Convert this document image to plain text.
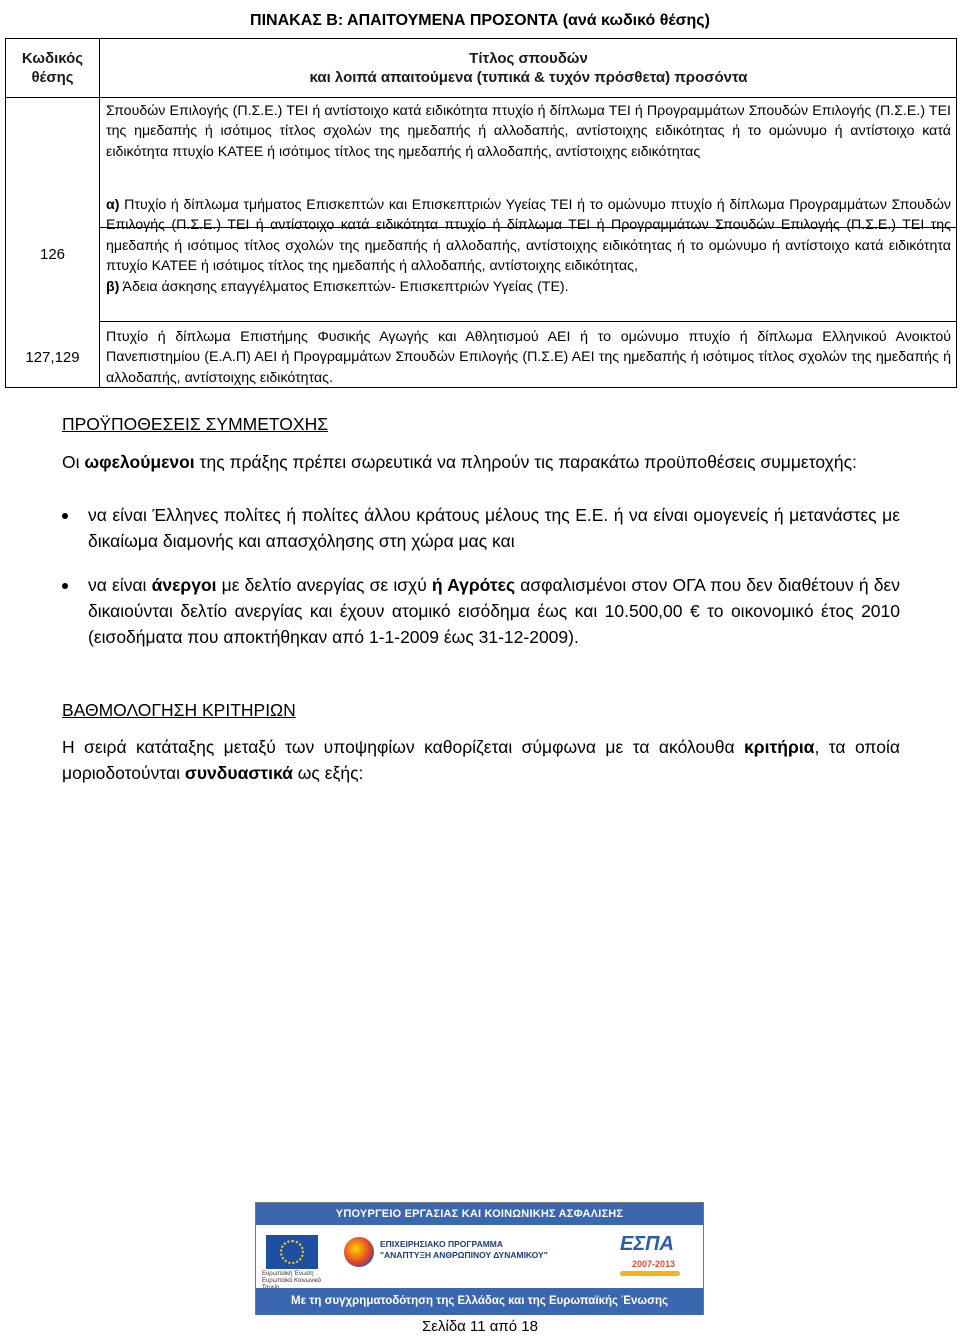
ΠΙΝΑΚΑΣ Β: ΑΠΑΙΤΟΥΜΕΝΑ ΠΡΟΣΟΝΤΑ (ανά κωδικό θέσης)
Κωδικός
θέσης
Τίτλος σπουδών
και λοιπά απαιτούμενα (τυπικά & τυχόν πρόσθετα) προσόντα

Σπουδών Επιλογής (Π.Σ.Ε.) ΤΕΙ ή αντίστοιχο κατά ειδικότητα πτυχίο ή δίπλωμα ΤΕΙ ή Προγραμμάτων Σπουδών Επιλογής (Π.Σ.Ε.) ΤΕΙ της ημεδαπής ή ισότιμος τίτλος σχολών της ημεδαπής ή αλλοδαπής, αντίστοιχης ειδικότητας ή το ομώνυμο ή αντίστοιχο κατά ειδικότητα πτυχίο ΚΑΤΕΕ ή ισότιμος τίτλος της ημεδαπής ή αλλοδαπής, αντίστοιχης ειδικότητας

126

α) Πτυχίο ή δίπλωμα τμήματος Επισκεπτών και Επισκεπτριών Υγείας ΤΕΙ ή το ομώνυμο πτυχίο ή δίπλωμα Προγραμμάτων Σπουδών Επιλογής (Π.Σ.Ε.) ΤΕΙ ή αντίστοιχο κατά ειδικότητα πτυχίο ή δίπλωμα ΤΕΙ ή Προγραμμάτων Σπουδών Επιλογής (Π.Σ.Ε.) ΤΕΙ της ημεδαπής ή ισότιμος τίτλος σχολών της ημεδαπής ή αλλοδαπής, αντίστοιχης ειδικότητας ή το ομώνυμο ή αντίστοιχο κατά ειδικότητα πτυχίο ΚΑΤΕΕ ή ισότιμος τίτλος της ημεδαπής ή αλλοδαπής, αντίστοιχης ειδικότητας,

β) Άδεια άσκησης επαγγέλματος Επισκεπτών- Επισκεπτριών Υγείας (ΤΕ).

127,129

Πτυχίο ή δίπλωμα Επιστήμης Φυσικής Αγωγής και Αθλητισμού ΑΕΙ ή το ομώνυμο πτυχίο ή δίπλωμα Ελληνικού Ανοικτού Πανεπιστημίου (Ε.Α.Π) ΑΕΙ ή Προγραμμάτων Σπουδών Επιλογής (Π.Σ.Ε) ΑΕΙ της ημεδαπής ή ισότιμος τίτλος σχολών της ημεδαπής ή αλλοδαπής, αντίστοιχης ειδικότητας.

ΠΡΟΫΠΟΘΕΣΕΙΣ ΣΥΜΜΕΤΟΧΗΣ

Οι ωφελούμενοι της πράξης πρέπει σωρευτικά να πληρούν τις παρακάτω προϋποθέσεις συμμετοχής:

να είναι Έλληνες πολίτες ή πολίτες άλλου κράτους μέλους της Ε.Ε. ή να είναι ομογενείς ή μετανάστες με δικαίωμα διαμονής και απασχόλησης στη χώρα μας και
να είναι άνεργοι με δελτίο ανεργίας σε ισχύ ή Αγρότες ασφαλισμένοι στον ΟΓΑ που δεν διαθέτουν ή δεν δικαιούνται δελτίο ανεργίας και έχουν ατομικό εισόδημα έως και 10.500,00 € το οικονομικό έτος 2010 (εισοδήματα που αποκτήθηκαν από 1-1-2009 έως 31-12-2009).
ΒΑΘΜΟΛΟΓΗΣΗ ΚΡΙΤΗΡΙΩΝ

Η σειρά κατάταξης μεταξύ των υποψηφίων καθορίζεται σύμφωνα με τα ακόλουθα κριτήρια, τα οποία μοριοδοτούνται συνδυαστικά ως εξής:

ΥΠΟΥΡΓΕΙΟ ΕΡΓΑΣΙΑΣ ΚΑΙ ΚΟΙΝΩΝΙΚΗΣ ΑΣΦΑΛΙΣΗΣ
Ευρωπαϊκή Ένωση Ευρωπαϊκό Κοινωνικό
ΕΠΙΧΕΙΡΗΣΙΑΚΟ ΠΡΟΓΡΑΜΜΑ
"ΑΝΑΠΤΥΞΗ ΑΝΘΡΩΠΙΝΟΥ ΔΥΝΑΜΙΚΟΥ"	ΕΣΠΑ
2007-2013
Με τη συγχρηματοδότηση της Ελλάδας και της Ευρωπαϊκής Ένωσης
Σελίδα 11 από 18
